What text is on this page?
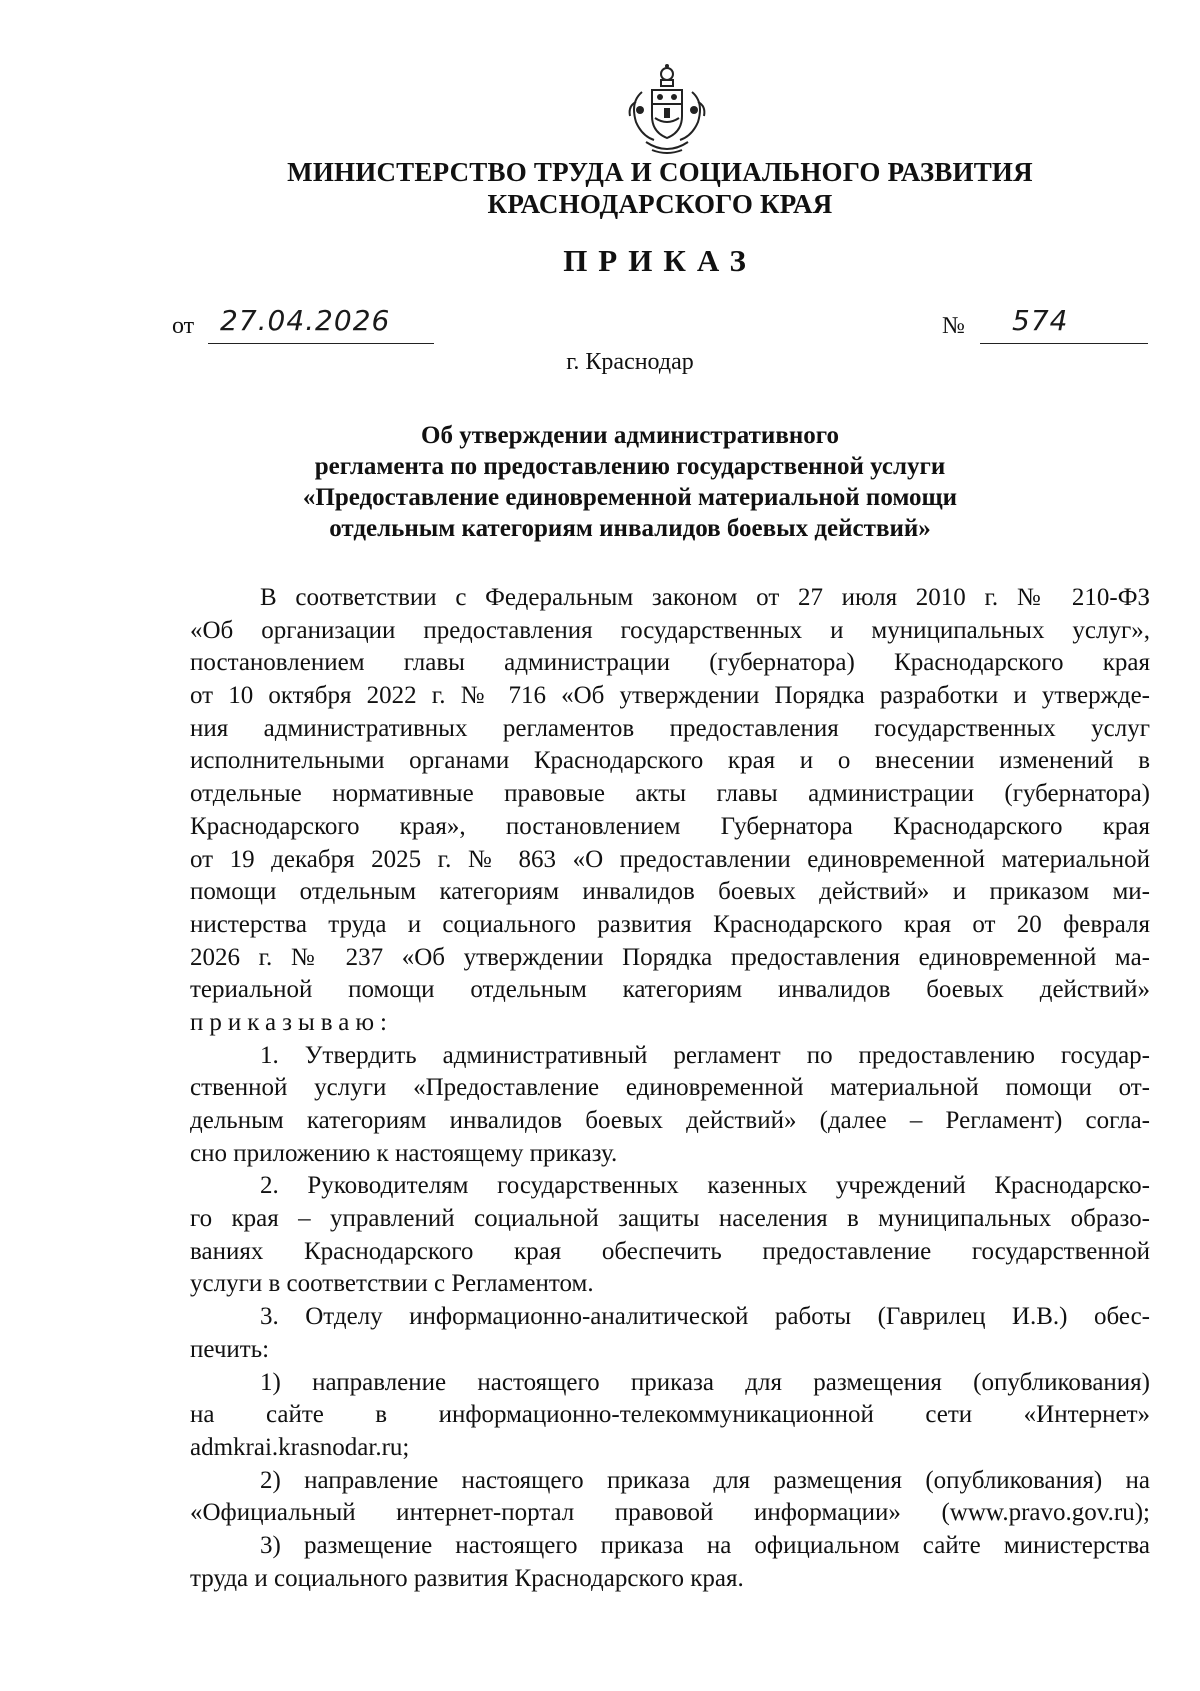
МИНИСТЕРСТВО ТРУДА И СОЦИАЛЬНОГО РАЗВИТИЯ
КРАСНОДАРСКОГО КРАЯ
ПРИКАЗ
от 27.04.2026	№ 574
г. Краснодар
Об утверждении административного
регламента по предоставлению государственной услуги
«Предоставление единовременной материальной помощи
отдельным категориям инвалидов боевых действий»
В соответствии с Федеральным законом от 27 июля 2010 г. № 210-ФЗ
«Об организации предоставления государственных и муниципальных услуг»,
постановлением главы администрации (губернатора) Краснодарского края
от 10 октября 2022 г. № 716 «Об утверждении Порядка разработки и утвержде-
ния административных регламентов предоставления государственных услуг
исполнительными органами Краснодарского края и о внесении изменений в
отдельные нормативные правовые акты главы администрации (губернатора)
Краснодарского края», постановлением Губернатора Краснодарского края
от 19 декабря 2025 г. № 863 «О предоставлении единовременной материальной
помощи отдельным категориям инвалидов боевых действий» и приказом ми-
нистерства труда и социального развития Краснодарского края от 20 февраля
2026 г. № 237 «Об утверждении Порядка предоставления единовременной ма-
териальной помощи отдельным категориям инвалидов боевых действий»
приказываю:
1. Утвердить административный регламент по предоставлению государ-
ственной услуги «Предоставление единовременной материальной помощи от-
дельным категориям инвалидов боевых действий» (далее – Регламент) согла-
сно приложению к настоящему приказу.
2. Руководителям государственных казенных учреждений Краснодарско-
го края – управлений социальной защиты населения в муниципальных образо-
ваниях Краснодарского края обеспечить предоставление государственной
услуги в соответствии с Регламентом.
3. Отделу информационно-аналитической работы (Гаврилец И.В.) обес-
печить:
1) направление настоящего приказа для размещения (опубликования)
на сайте в информационно-телекоммуникационной сети «Интернет»
admkrai.krasnodar.ru;
2) направление настоящего приказа для размещения (опубликования) на
«Официальный интернет-портал правовой информации» (www.pravo.gov.ru);
3) размещение настоящего приказа на официальном сайте министерства
труда и социального развития Краснодарского края.
